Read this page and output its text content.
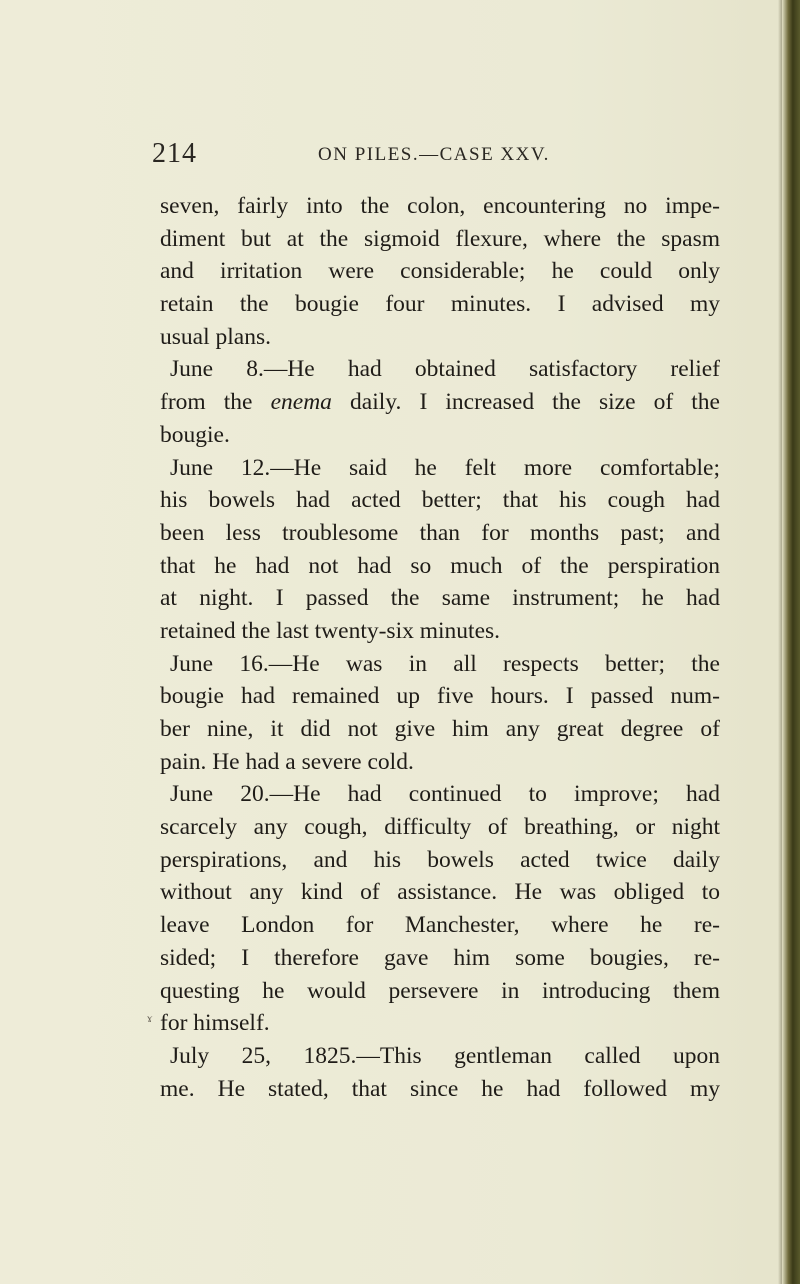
214	ON PILES.—CASE XXV.
seven, fairly into the colon, encountering no impe-
diment but at the sigmoid flexure, where the spasm
and irritation were considerable; he could only
retain the bougie four minutes. I advised my
usual plans.
June 8.—He had obtained satisfactory relief
from the enema daily. I increased the size of the
bougie.
June 12.—He said he felt more comfortable;
his bowels had acted better; that his cough had
been less troublesome than for months past; and
that he had not had so much of the perspiration
at night. I passed the same instrument; he had
retained the last twenty-six minutes.
June 16.—He was in all respects better; the
bougie had remained up five hours. I passed num-
ber nine, it did not give him any great degree of
pain. He had a severe cold.
June 20.—He had continued to improve; had
scarcely any cough, difficulty of breathing, or night
perspirations, and his bowels acted twice daily
without any kind of assistance. He was obliged to
leave London for Manchester, where he re-
sided; I therefore gave him some bougies, re-
questing he would persevere in introducing them
for himself.
July 25, 1825.—This gentleman called upon
me. He stated, that since he had followed my
ɤ
